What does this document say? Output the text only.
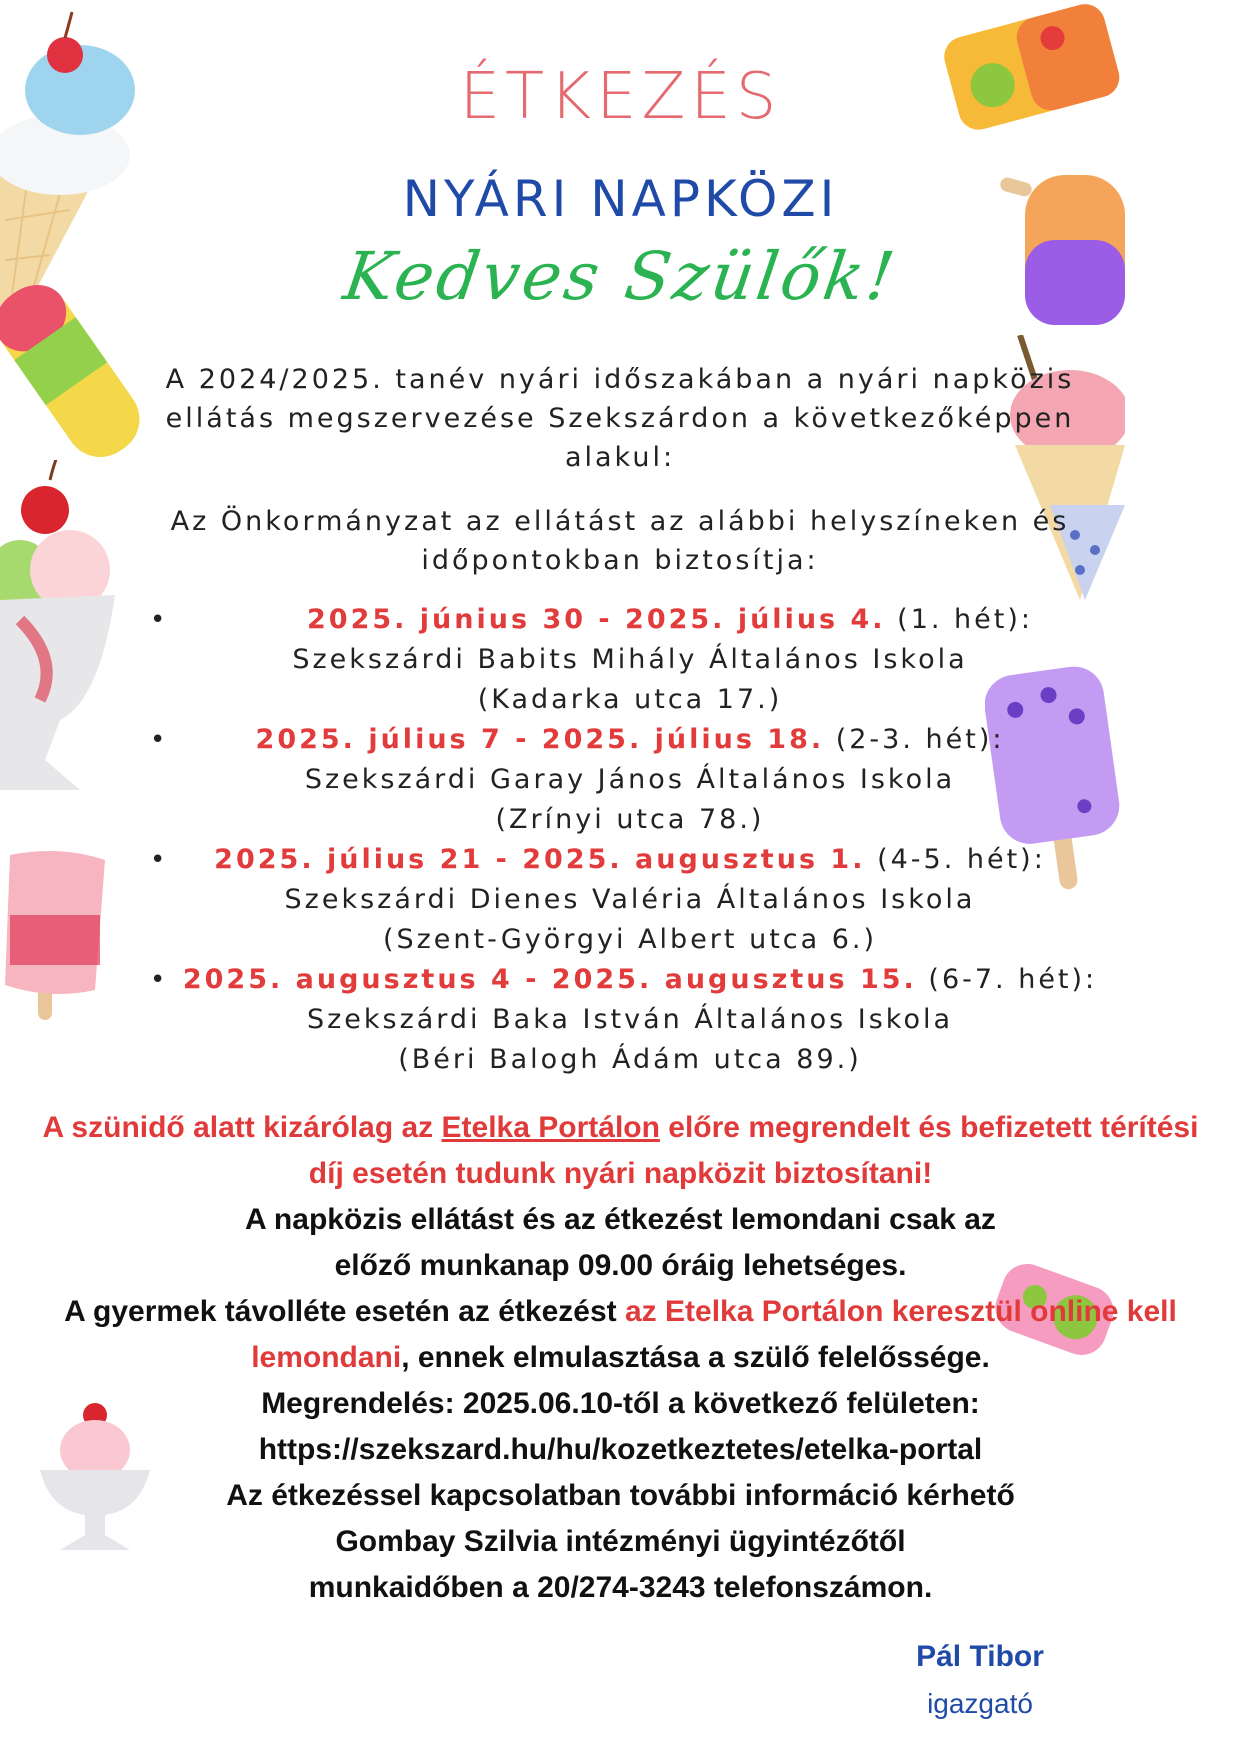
ÉTKEZÉS
NYÁRI NAPKÖZI
Kedves Szülők!
A 2024/2025. tanév nyári időszakában a nyári napközis ellátás megszervezése Szekszárdon a következőképpen alakul:
Az Önkormányzat az ellátást az alábbi helyszíneken és időpontokban biztosítja:
•	2025. június 30 - 2025. július 4. (1. hét):
Szekszárdi Babits Mihály Általános Iskola
(Kadarka utca 17.)
•	2025. július 7 - 2025. július 18. (2-3. hét):
Szekszárdi Garay János Általános Iskola
(Zrínyi utca 78.)
•	2025. július 21 - 2025. augusztus 1. (4-5. hét):
Szekszárdi Dienes Valéria Általános Iskola
(Szent-Györgyi Albert utca 6.)
• 2025. augusztus 4 - 2025. augusztus 15. (6-7. hét):
Szekszárdi Baka István Általános Iskola
(Béri Balogh Ádám utca 89.)
A szünidő alatt kizárólag az Etelka Portálon előre megrendelt és befizetett térítési díj esetén tudunk nyári napközit biztosítani!
A napközis ellátást és az étkezést lemondani csak az előző munkanap 09.00 óráig lehetséges.
A gyermek távolléte esetén az étkezést az Etelka Portálon keresztül online kell lemondani, ennek elmulasztása a szülő felelőssége.
Megrendelés: 2025.06.10-től a következő felületen:
https://szekszard.hu/hu/kozetkeztetes/etelka-portal
Az étkezéssel kapcsolatban további információ kérhető
Gombay Szilvia intézményi ügyintézőtől
munkaidőben a 20/274-3243 telefonszámon.
Pál Tibor
igazgató
